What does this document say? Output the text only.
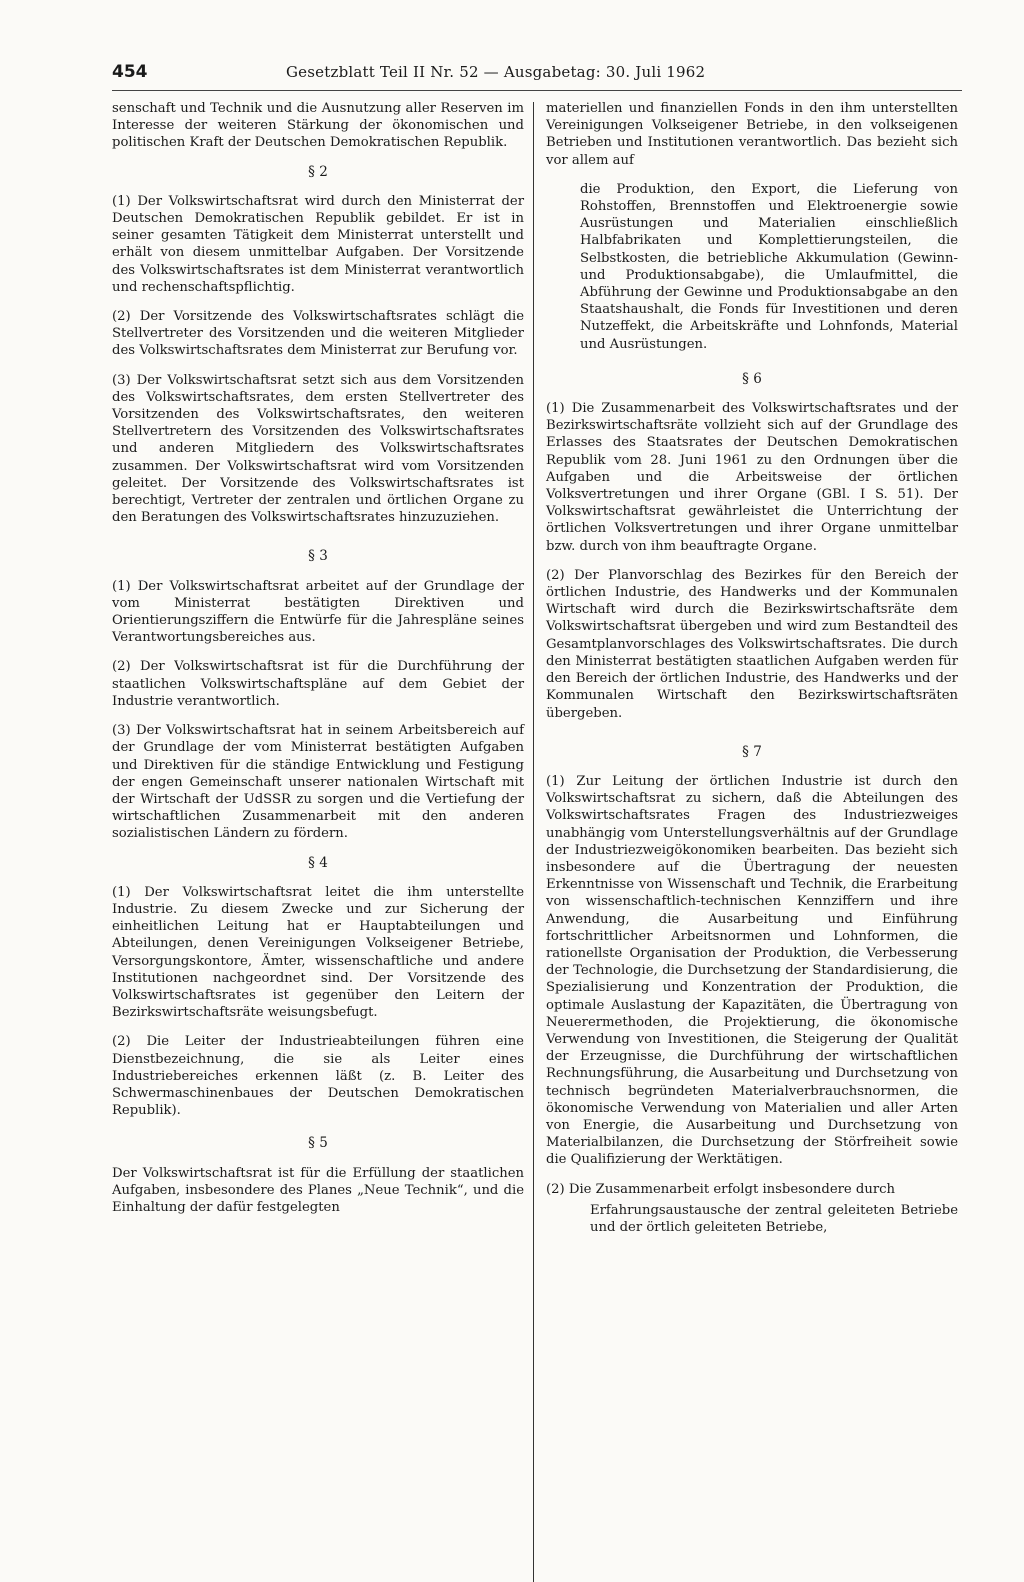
454	Gesetzblatt Teil II Nr. 52 — Ausgabetag: 30. Juli 1962

senschaft und Technik und die Ausnutzung aller Reserven im Interesse der weiteren Stärkung der ökonomischen und politischen Kraft der Deutschen Demokratischen Republik.

§ 2

(1) Der Volkswirtschaftsrat wird durch den Ministerrat der Deutschen Demokratischen Republik gebildet. Er ist in seiner gesamten Tätigkeit dem Ministerrat unterstellt und erhält von diesem unmittelbar Aufgaben. Der Vorsitzende des Volkswirtschaftsrates ist dem Ministerrat verantwortlich und rechenschaftspflichtig.

(2) Der Vorsitzende des Volkswirtschaftsrates schlägt die Stellvertreter des Vorsitzenden und die weiteren Mitglieder des Volkswirtschaftsrates dem Ministerrat zur Berufung vor.

(3) Der Volkswirtschaftsrat setzt sich aus dem Vorsitzenden des Volkswirtschaftsrates, dem ersten Stellvertreter des Vorsitzenden des Volkswirtschaftsrates, den weiteren Stellvertretern des Vorsitzenden des Volkswirtschaftsrates und anderen Mitgliedern des Volkswirtschaftsrates zusammen. Der Volkswirtschaftsrat wird vom Vorsitzenden geleitet. Der Vorsitzende des Volkswirtschaftsrates ist berechtigt, Vertreter der zentralen und örtlichen Organe zu den Beratungen des Volkswirtschaftsrates hinzuzuziehen.

§ 3

(1) Der Volkswirtschaftsrat arbeitet auf der Grundlage der vom Ministerrat bestätigten Direktiven und Orientierungsziffern die Entwürfe für die Jahrespläne seines Verantwortungsbereiches aus.

(2) Der Volkswirtschaftsrat ist für die Durchführung der staatlichen Volkswirtschaftspläne auf dem Gebiet der Industrie verantwortlich.

(3) Der Volkswirtschaftsrat hat in seinem Arbeitsbereich auf der Grundlage der vom Ministerrat bestätigten Aufgaben und Direktiven für die ständige Entwicklung und Festigung der engen Gemeinschaft unserer nationalen Wirtschaft mit der Wirtschaft der UdSSR zu sorgen und die Vertiefung der wirtschaftlichen Zusammenarbeit mit den anderen sozialistischen Ländern zu fördern.

§ 4

(1) Der Volkswirtschaftsrat leitet die ihm unterstellte Industrie. Zu diesem Zwecke und zur Sicherung der einheitlichen Leitung hat er Hauptabteilungen und Abteilungen, denen Vereinigungen Volkseigener Betriebe, Versorgungskontore, Ämter, wissenschaftliche und andere Institutionen nachgeordnet sind. Der Vorsitzende des Volkswirtschaftsrates ist gegenüber den Leitern der Bezirkswirtschaftsräte weisungsbefugt.

(2) Die Leiter der Industrieabteilungen führen eine Dienstbezeichnung, die sie als Leiter eines Industriebereiches erkennen läßt (z. B. Leiter des Schwermaschinenbaues der Deutschen Demokratischen Republik).

§ 5

Der Volkswirtschaftsrat ist für die Erfüllung der staatlichen Aufgaben, insbesondere des Planes „Neue Technik“, und die Einhaltung der dafür festgelegten

materiellen und finanziellen Fonds in den ihm unterstellten Vereinigungen Volkseigener Betriebe, in den volkseigenen Betrieben und Institutionen verantwortlich. Das bezieht sich vor allem auf

die Produktion, den Export, die Lieferung von Rohstoffen, Brennstoffen und Elektroenergie sowie Ausrüstungen und Materialien einschließlich Halbfabrikaten und Komplettierungsteilen, die Selbstkosten, die betriebliche Akkumulation (Gewinn- und Produktionsabgabe), die Umlaufmittel, die Abführung der Gewinne und Produktionsabgabe an den Staatshaushalt, die Fonds für Investitionen und deren Nutzeffekt, die Arbeitskräfte und Lohnfonds, Material und Ausrüstungen.

§ 6

(1) Die Zusammenarbeit des Volkswirtschaftsrates und der Bezirkswirtschaftsräte vollzieht sich auf der Grundlage des Erlasses des Staatsrates der Deutschen Demokratischen Republik vom 28. Juni 1961 zu den Ordnungen über die Aufgaben und die Arbeitsweise der örtlichen Volksvertretungen und ihrer Organe (GBl. I S. 51). Der Volkswirtschaftsrat gewährleistet die Unterrichtung der örtlichen Volksvertretungen und ihrer Organe unmittelbar bzw. durch von ihm beauftragte Organe.

(2) Der Planvorschlag des Bezirkes für den Bereich der örtlichen Industrie, des Handwerks und der Kommunalen Wirtschaft wird durch die Bezirkswirtschaftsräte dem Volkswirtschaftsrat übergeben und wird zum Bestandteil des Gesamtplanvorschlages des Volkswirtschaftsrates. Die durch den Ministerrat bestätigten staatlichen Aufgaben werden für den Bereich der örtlichen Industrie, des Handwerks und der Kommunalen Wirtschaft den Bezirkswirtschaftsräten übergeben.

§ 7

(1) Zur Leitung der örtlichen Industrie ist durch den Volkswirtschaftsrat zu sichern, daß die Abteilungen des Volkswirtschaftsrates Fragen des Industriezweiges unabhängig vom Unterstellungsverhältnis auf der Grundlage der Industriezweigökonomiken bearbeiten. Das bezieht sich insbesondere auf die Übertragung der neuesten Erkenntnisse von Wissenschaft und Technik, die Erarbeitung von wissenschaftlich-technischen Kennziffern und ihre Anwendung, die Ausarbeitung und Einführung fortschrittlicher Arbeitsnormen und Lohnformen, die rationellste Organisation der Produktion, die Verbesserung der Technologie, die Durchsetzung der Standardisierung, die Spezialisierung und Konzentration der Produktion, die optimale Auslastung der Kapazitäten, die Übertragung von Neuerermethoden, die Projektierung, die ökonomische Verwendung von Investitionen, die Steigerung der Qualität der Erzeugnisse, die Durchführung der wirtschaftlichen Rechnungsführung, die Ausarbeitung und Durchsetzung von technisch begründeten Materialverbrauchsnormen, die ökonomische Verwendung von Materialien und aller Arten von Energie, die Ausarbeitung und Durchsetzung von Materialbilanzen, die Durchsetzung der Störfreiheit sowie die Qualifizierung der Werktätigen.

(2) Die Zusammenarbeit erfolgt insbesondere durch

Erfahrungsaustausche der zentral geleiteten Betriebe und der örtlich geleiteten Betriebe,
